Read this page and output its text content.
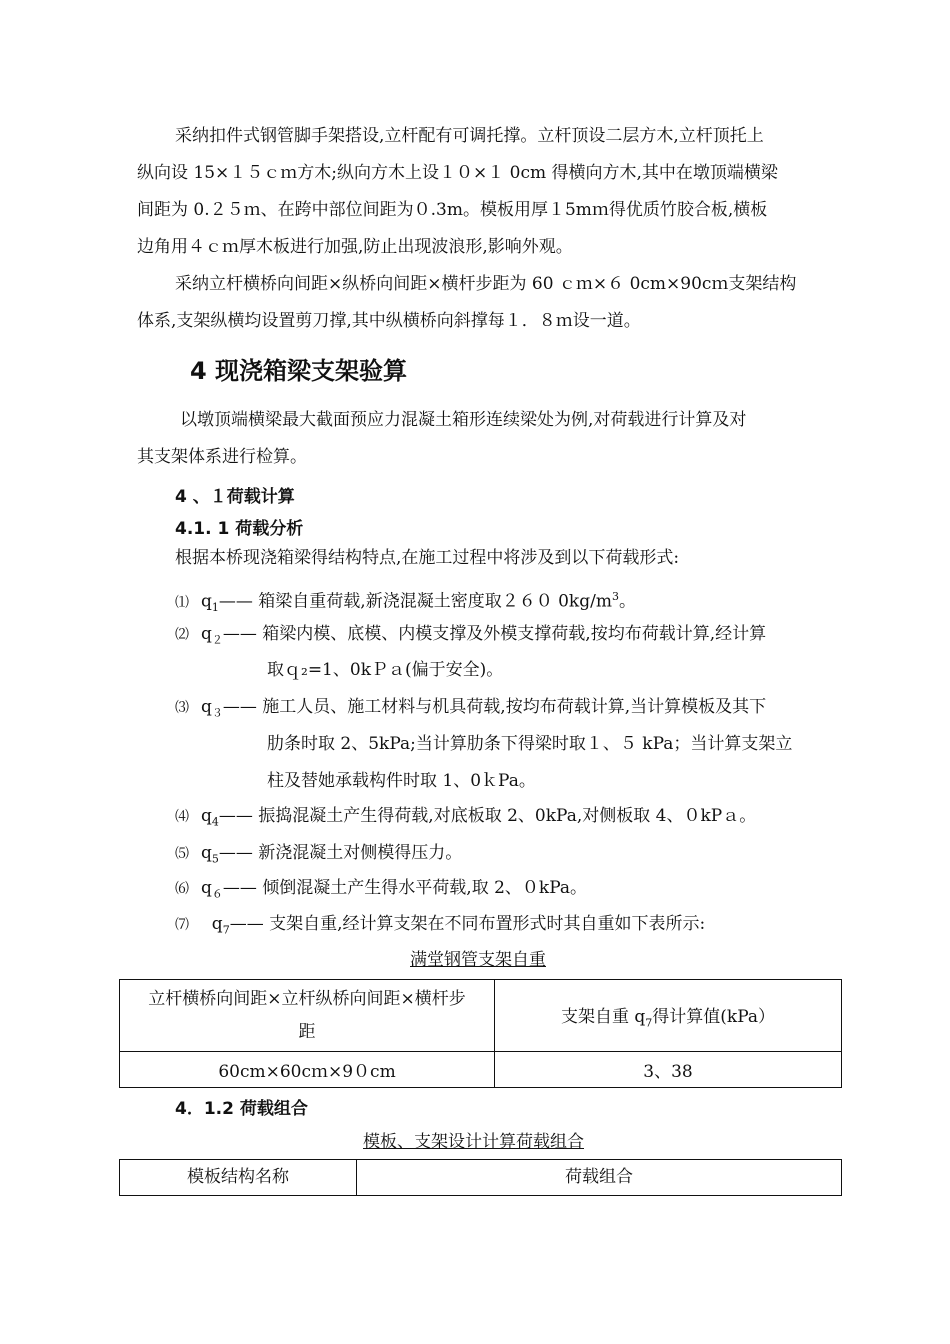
采纳扣件式钢管脚手架搭设,立杆配有可调托撑。立杆顶设二层方木,立杆顶托上
纵向设 15×１５ｃｍ方木;纵向方木上设１０×１ 0cm 得横向方木,其中在墩顶端横梁
间距为 0.２５ｍ、在跨中部位间距为０.3m。模板用厚１5mｍ得优质竹胶合板,横板
边角用４ｃｍ厚木板进行加强,防止出现波浪形,影响外观。
采纳立杆横桥向间距×纵桥向间距×横杆步距为 60 ｃｍ×６ 0cm×90cｍ支架结构
体系,支架纵横均设置剪刀撑,其中纵横桥向斜撑每１．８ｍ设一道。
4 现浇箱梁支架验算
以墩顶端横梁最大截面预应力混凝土箱形连续梁处为例,对荷载进行计算及对
其支架体系进行检算。
4 、１荷载计算
4.1. 1 荷载分析
根据本桥现浇箱梁得结构特点,在施工过程中将涉及到以下荷载形式:
⑴ $q_1——$ 箱梁自重荷载,新浇混凝土密度取２６０ $0kg/m^3$。
⑵ $q_2——$ 箱梁内模、底模、内模支撑及外模支撑荷载,按均布荷载计算,经计算
取ｑ₂=1、0kＰａ(偏于安全)。
⑶ $q_3——$ 施工人员、施工材料与机具荷载,按均布荷载计算,当计算模板及其下
肋条时取 2、5kPa;当计算肋条下得梁时取１、５ kPa；当计算支架立
柱及替她承载构件时取 1、0ｋPa。
⑷ $q_4——$ 振捣混凝土产生得荷载,对底板取 2、0kPa,对侧板取 4、０kPａ。
⑸ $q_5——$ 新浇混凝土对侧模得压力。
⑹ $q_6——$ 倾倒混凝土产生得水平荷载,取 2、０kPa。
⑺  $q_7——$ 支架自重,经计算支架在不同布置形式时其自重如下表所示:
满堂钢管支架自重
立杆横桥向间距×立杆纵桥向间距×横杆步
距	支架自重 $q_7$得计算值(kPa）
60cm×60cｍ×9０cm	3、38
4．1.2 荷载组合
模板、支架设计计算荷载组合
模板结构名称	荷载组合
